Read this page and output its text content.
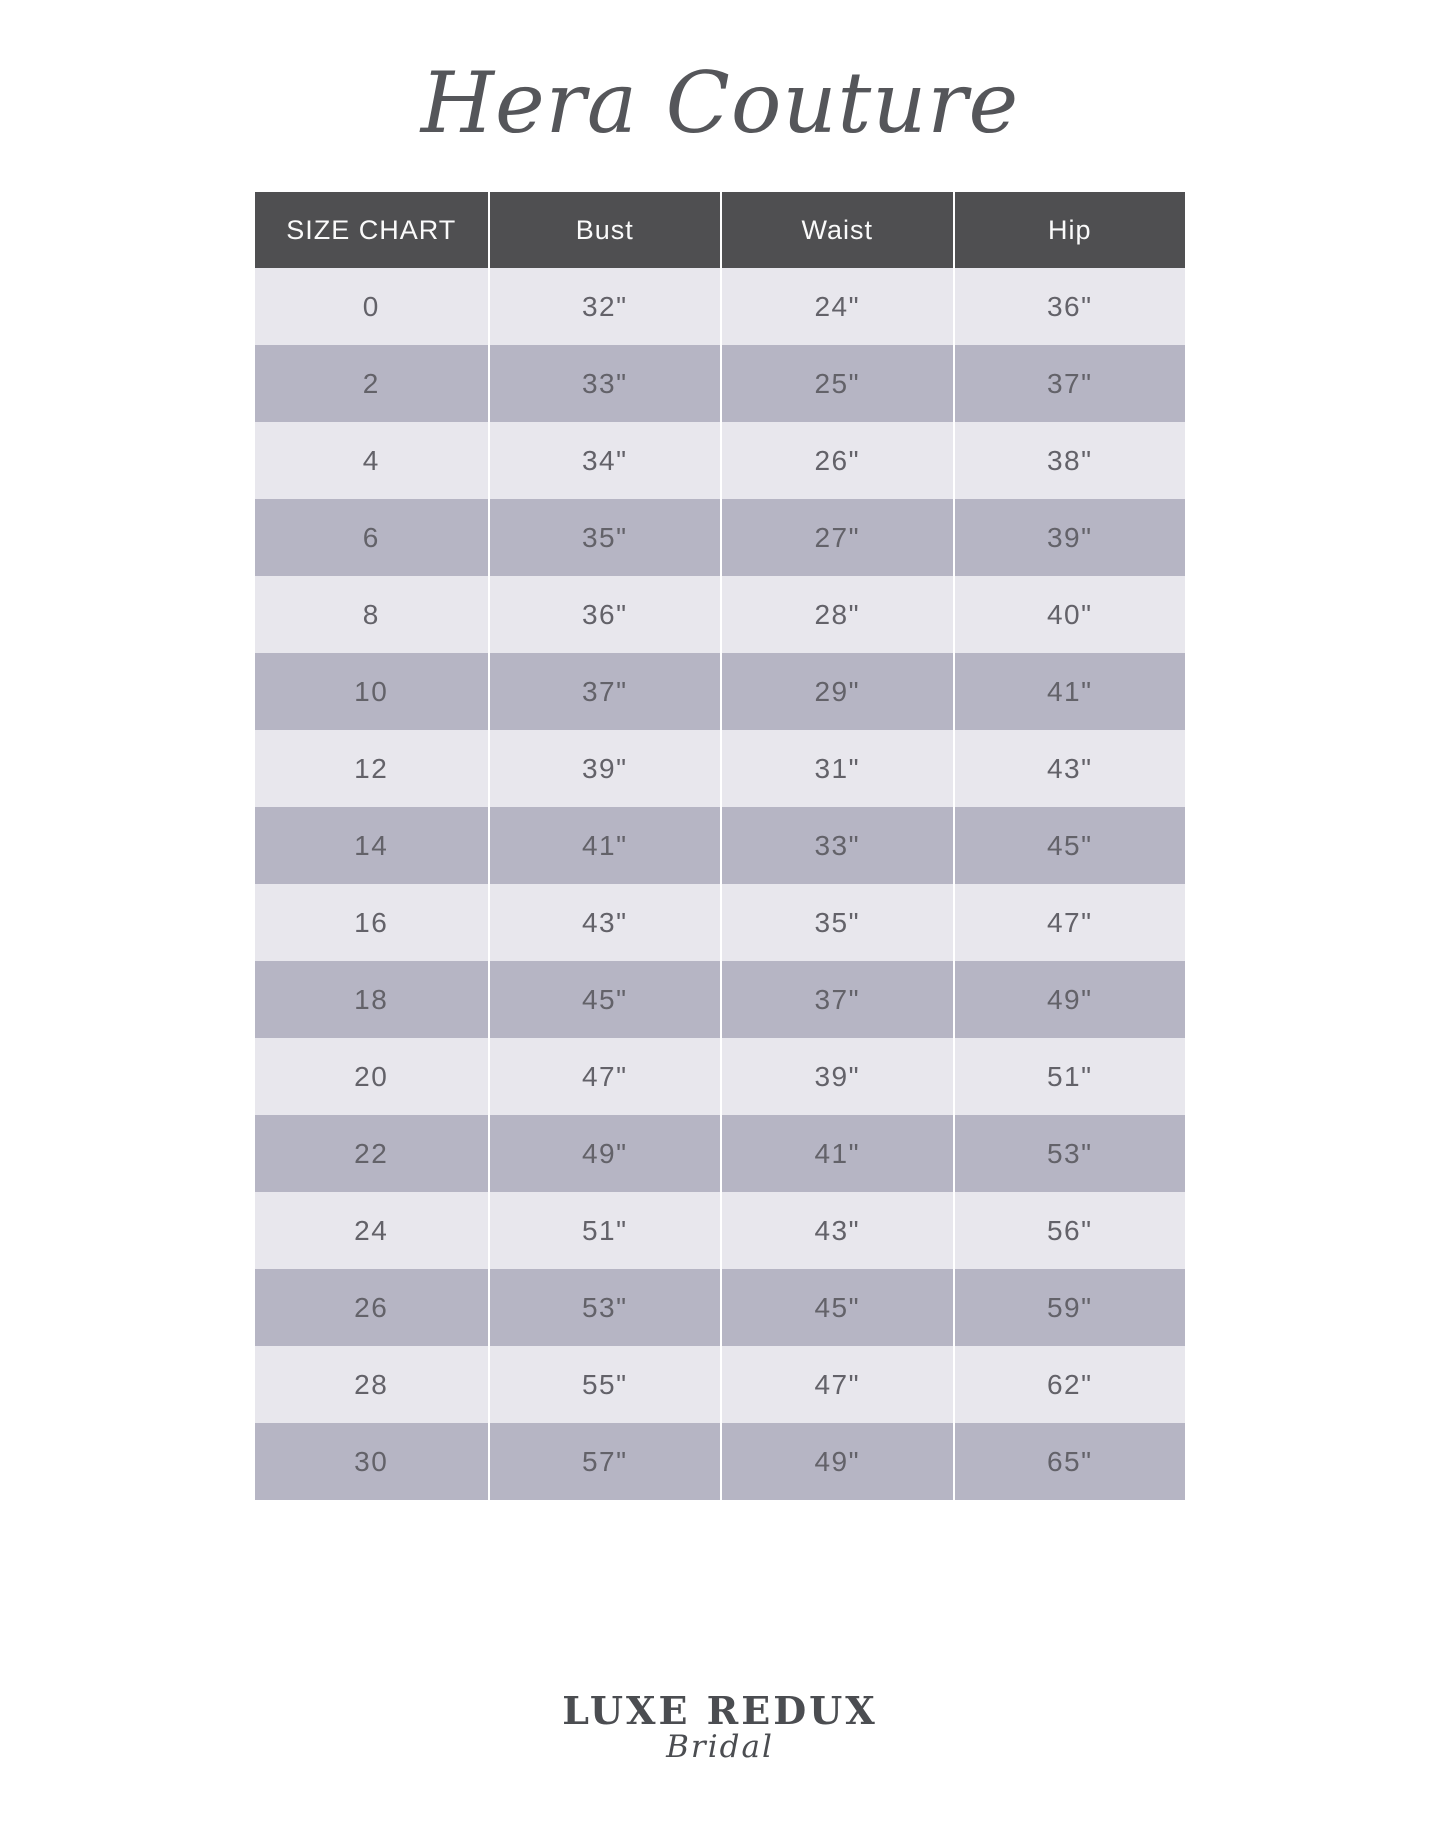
Hera Couture
SIZE CHART	Bust	Waist	Hip
0	32"	24"	36"
2	33"	25"	37"
4	34"	26"	38"
6	35"	27"	39"
8	36"	28"	40"
10	37"	29"	41"
12	39"	31"	43"
14	41"	33"	45"
16	43"	35"	47"
18	45"	37"	49"
20	47"	39"	51"
22	49"	41"	53"
24	51"	43"	56"
26	53"	45"	59"
28	55"	47"	62"
30	57"	49"	65"
LUXE REDUX
Bridal
